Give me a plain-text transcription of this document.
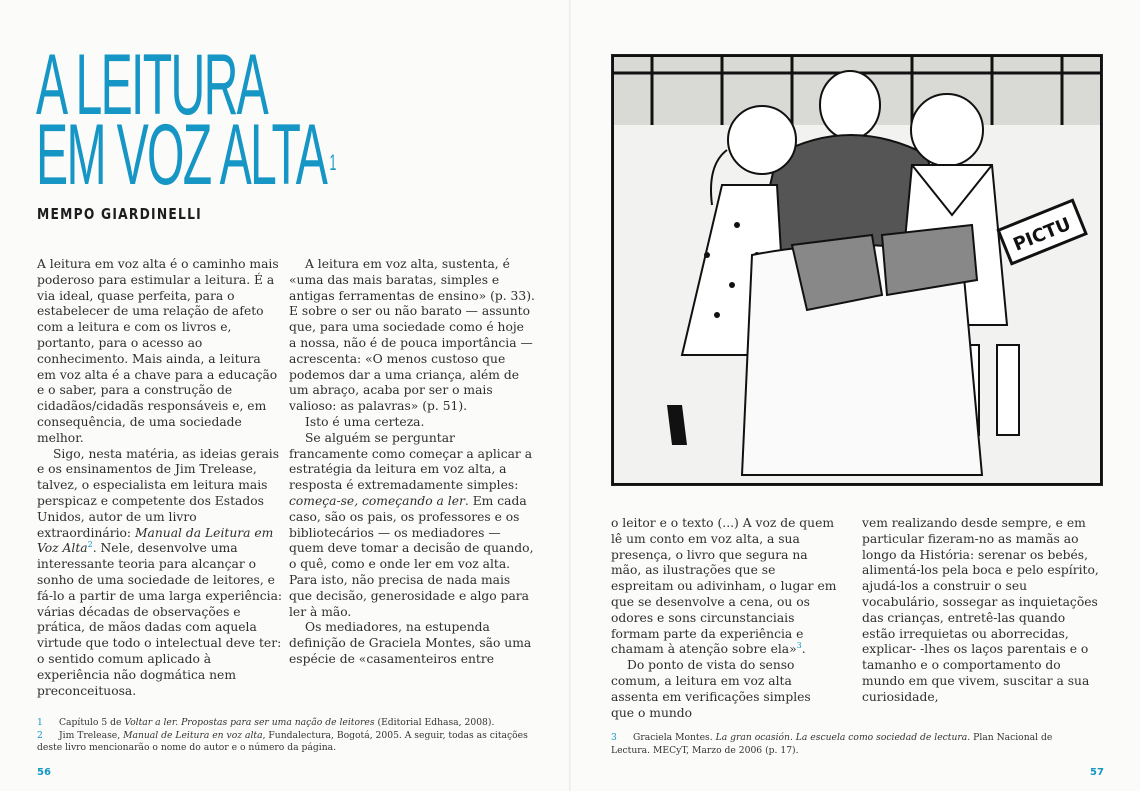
A LEITURA
EM VOZ ALTA $^1$
MEMPO GIARDINELLI

A leitura em voz alta é o caminho mais poderoso para estimular a leitura. É a via ideal, quase perfeita, para o estabelecer de uma relação de afeto com a leitura e com os livros e, portanto, para o acesso ao conhecimento. Mais ainda, a leitura em voz alta é a chave para a educação e o saber, para a construção de cidadãos/cidadãs responsáveis e, em consequência, de uma sociedade melhor.

Sigo, nesta matéria, as ideias gerais e os ensinamentos de Jim Trelease, talvez, o especialista em leitura mais perspicaz e competente dos Estados Unidos, autor de um livro extraordinário: Manual da Leitura em Voz Alta$^2$. Nele, desenvolve uma interessante teoria para alcançar o sonho de uma sociedade de leitores, e fá-lo a partir de uma larga experiência: várias décadas de observações e prática, de mãos dadas com aquela virtude que todo o intelectual deve ter: o sentido comum aplicado à experiência não dogmática nem preconceituosa.

A leitura em voz alta, sustenta, é «uma das mais baratas, simples e antigas ferramentas de ensino» (p. 33). E sobre o ser ou não barato — assunto que, para uma sociedade como é hoje a nossa, não é de pouca importância — acrescenta: «O menos custoso que podemos dar a uma criança, além de um abraço, acaba por ser o mais valioso: as palavras» (p. 51).

Isto é uma certeza.

Se alguém se perguntar francamente como começar a aplicar a estratégia da leitura em voz alta, a resposta é extremadamente simples: começa-se, começando a ler. Em cada caso, são os pais, os professores e os bibliotecários — os mediadores — quem deve tomar a decisão de quando, o quê, como e onde ler em voz alta. Para isto, não precisa de nada mais que decisão, generosidade e algo para ler à mão.

Os mediadores, na estupenda definição de Graciela Montes, são uma espécie de «casamenteiros entre

1 Capítulo 5 de Voltar a ler. Propostas para ser uma nação de leitores (Editorial Edhasa, 2008).
2 Jim Trelease, Manual de Leitura en voz alta, Fundalectura, Bogotá, 2005. A seguir, todas as citações deste livro mencionarão o nome do autor e o número da página.
56
PICTU

o leitor e o texto (...) A voz de quem lê um conto em voz alta, a sua presença, o livro que segura na mão, as ilustrações que se espreitam ou adivinham, o lugar em que se desenvolve a cena, ou os odores e sons circunstanciais formam parte da experiência e chamam à atenção sobre ela»$^3$.

Do ponto de vista do senso comum, a leitura em voz alta assenta em verificações simples que o mundo

vem realizando desde sempre, e em particular fizeram-no as mamãs ao longo da História: serenar os bebés, alimentá-los pela boca e pelo espírito, ajudá-los a construir o seu vocabulário, sossegar as inquietações das crianças, entretê-las quando estão irrequietas ou aborrecidas, explicar- -lhes os laços parentais e o tamanho e o comportamento do mundo em que vivem, suscitar a sua curiosidade,

3 Graciela Montes. La gran ocasión. La escuela como sociedad de lectura. Plan Nacional de Lectura. MECyT, Marzo de 2006 (p. 17).
57
